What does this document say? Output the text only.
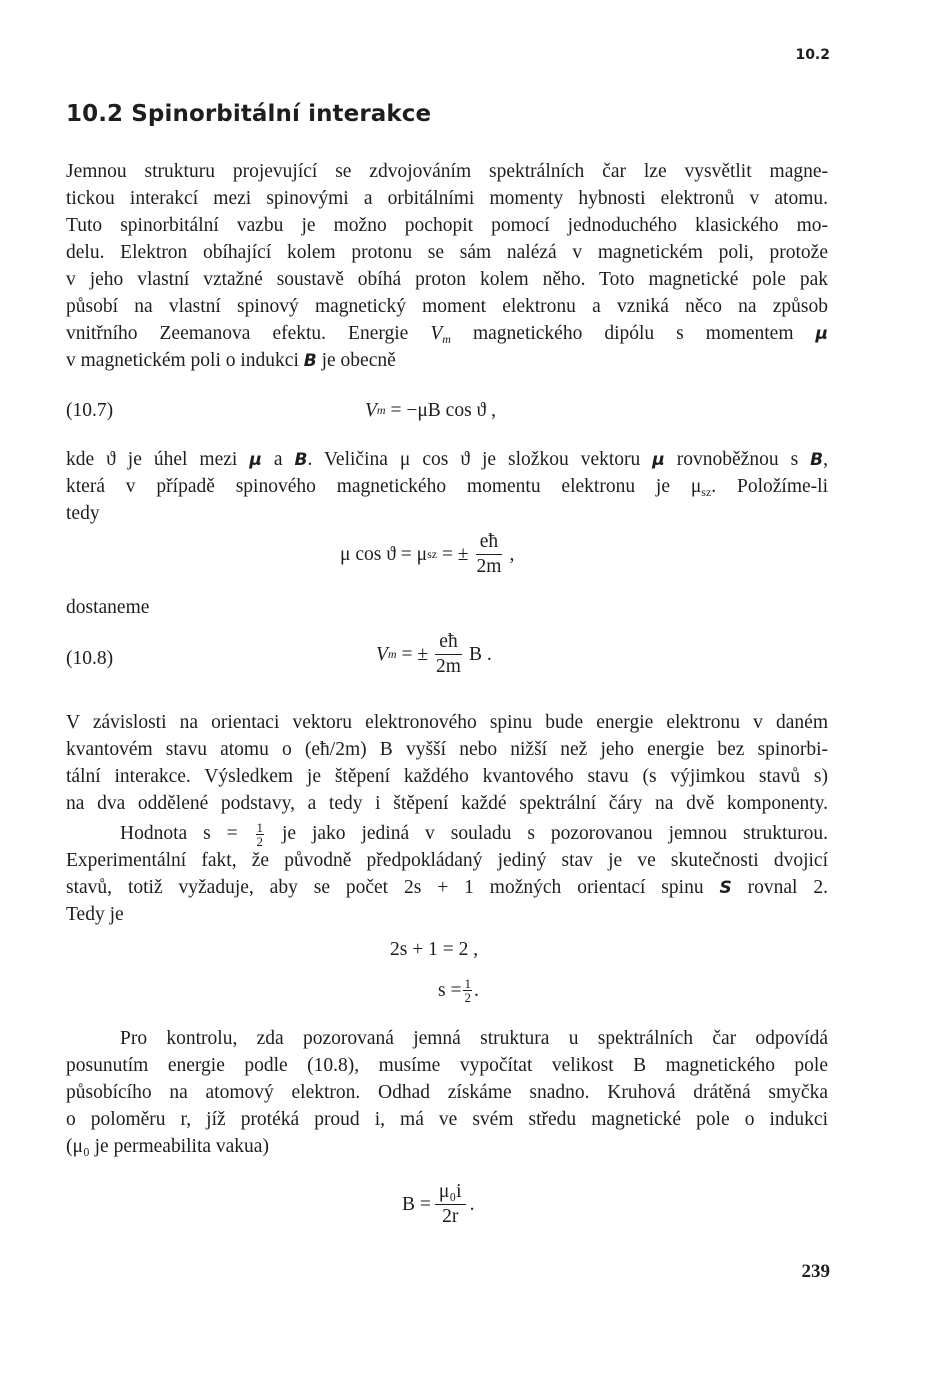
10.2
10.2 Spinorbitální interakce
Jemnou strukturu projevující se zdvojováním spektrálních čar lze vysvětlit magne-
tickou interakcí mezi spinovými a orbitálními momenty hybnosti elektronů v atomu.
Tuto spinorbitální vazbu je možno pochopit pomocí jednoduchého klasického mo-
delu. Elektron obíhající kolem protonu se sám nalézá v magnetickém poli, protože
v jeho vlastní vztažné soustavě obíhá proton kolem něho. Toto magnetické pole pak
působí na vlastní spinový magnetický moment elektronu a vzniká něco na způsob
vnitřního Zeemanova efektu. Energie $V_m$ magnetického dipólu s momentem μ
v magnetickém poli o indukci B je obecně
(10.7)	V m
= −μB cos ϑ ,
kde ϑ je úhel mezi μ a B. Veličina μ cos ϑ je složkou vektoru μ rovnoběžnou s B,
která v případě spinového magnetického momentu elektronu je $\mu_{sz}$. Položíme-li
tedy
μ cos ϑ = μ sz
= ± $\frac{eħ}{2m}$ ,
dostaneme
(10.8)	V m
= ± $\frac{eħ}{2m}$ B .
V závislosti na orientaci vektoru elektronového spinu bude energie elektronu v daném
kvantovém stavu atomu o (eħ/2m) B vyšší nebo nižší než jeho energie bez spinorbi-
tální interakce. Výsledkem je štěpení každého kvantového stavu (s výjimkou stavů s)
na dva oddělené podstavy, a tedy i štěpení každé spektrální čáry na dvě komponenty.
Hodnota $s = \frac{1}{2}$ je jako jediná v souladu s pozorovanou jemnou strukturou.
Experimentální fakt, že původně předpokládaný jediný stav je ve skutečnosti dvojicí
stavů, totiž vyžaduje, aby se počet 2s + 1 možných orientací spinu S rovnal 2.
Tedy je
2s + 1 = 2 ,
$s = \frac{1}{2}$ .
Pro kontrolu, zda pozorovaná jemná struktura u spektrálních čar odpovídá
posunutím energie podle (10.8), musíme vypočítat velikost B magnetického pole
působícího na atomový elektron. Odhad získáme snadno. Kruhová drátěná smyčka
o poloměru r, jíž protéká proud i, má ve svém středu magnetické pole o indukci
(μ₀ je permeabilita vakua)
$B = \frac{\text{μ₀i}}{2r}$ .
239
